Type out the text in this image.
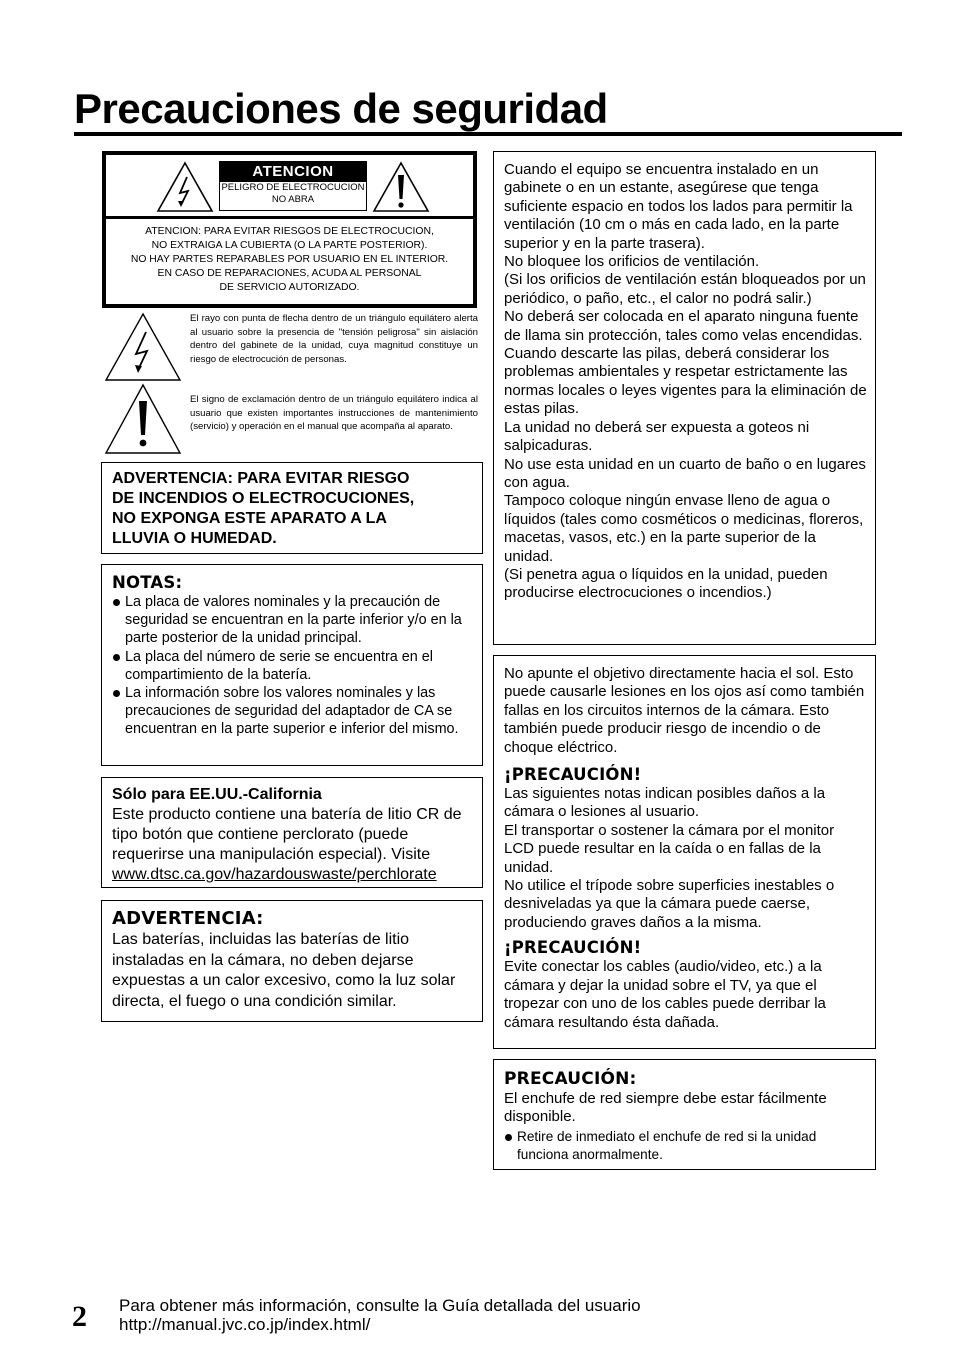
Precauciones de seguridad
ATENCION
PELIGRO DE ELECTROCUCION
NO ABRA
ATENCION: PARA EVITAR RIESGOS DE ELECTROCUCION,
NO EXTRAIGA LA CUBIERTA (O LA PARTE POSTERIOR).
NO HAY PARTES REPARABLES POR USUARIO EN EL INTERIOR.
EN CASO DE REPARACIONES, ACUDA AL PERSONAL
DE SERVICIO AUTORIZADO.
El rayo con punta de flecha dentro de un triángulo equilátero alerta al usuario sobre la presencia de "tensión peligrosa" sin aislación dentro del gabinete de la unidad, cuya magnitud constituye un riesgo de electrocución de personas.
El signo de exclamación dentro de un triángulo equilátero indica al usuario que existen importantes instrucciones de mantenimiento (servicio) y operación en el manual que acompaña al aparato.
ADVERTENCIA: PARA EVITAR RIESGO
DE INCENDIOS O ELECTROCUCIONES,
NO EXPONGA ESTE APARATO A LA
LLUVIA O HUMEDAD.
NOTAS:
La placa de valores nominales y la precaución de seguridad se encuentran en la parte inferior y/o en la parte posterior de la unidad principal.
La placa del número de serie se encuentra en el compartimiento de la batería.
La información sobre los valores nominales y las precauciones de seguridad del adaptador de CA se encuentran en la parte superior e inferior del mismo.
Sólo para EE.UU.-California
Este producto contiene una batería de litio CR de tipo botón que contiene perclorato (puede requerirse una manipulación especial). Visite www.dtsc.ca.gov/hazardouswaste/perchlorate
ADVERTENCIA:
Las baterías, incluidas las baterías de litio instaladas en la cámara, no deben dejarse expuestas a un calor excesivo, como la luz solar directa, el fuego o una condición similar.
Cuando el equipo se encuentra instalado en un gabinete o en un estante, asegúrese que tenga suficiente espacio en todos los lados para permitir la ventilación (10 cm o más en cada lado, en la parte superior y en la parte trasera).
No bloquee los orificios de ventilación.
(Si los orificios de ventilación están bloqueados por un periódico, o paño, etc., el calor no podrá salir.)
No deberá ser colocada en el aparato ninguna fuente de llama sin protección, tales como velas encendidas.
Cuando descarte las pilas, deberá considerar los problemas ambientales y respetar estrictamente las normas locales o leyes vigentes para la eliminación de estas pilas.
La unidad no deberá ser expuesta a goteos ni salpicaduras.
No use esta unidad en un cuarto de baño o en lugares con agua.
Tampoco coloque ningún envase lleno de agua o líquidos (tales como cosméticos o medicinas, floreros, macetas, vasos, etc.) en la parte superior de la unidad.
(Si penetra agua o líquidos en la unidad, pueden producirse electrocuciones o incendios.)
No apunte el objetivo directamente hacia el sol. Esto puede causarle lesiones en los ojos así como también fallas en los circuitos internos de la cámara. Esto también puede producir riesgo de incendio o de choque eléctrico.
¡PRECAUCIÓN!
Las siguientes notas indican posibles daños a la cámara o lesiones al usuario.
El transportar o sostener la cámara por el monitor LCD puede resultar en la caída o en fallas de la unidad.
No utilice el trípode sobre superficies inestables o desniveladas ya que la cámara puede caerse, produciendo graves daños a la misma.
¡PRECAUCIÓN!
Evite conectar los cables (audio/video, etc.) a la cámara y dejar la unidad sobre el TV, ya que el tropezar con uno de los cables puede derribar la cámara resultando ésta dañada.
PRECAUCIÓN:
El enchufe de red siempre debe estar fácilmente disponible.
Retire de inmediato el enchufe de red si la unidad funciona anormalmente.
2 Para obtener más información, consulte la Guía detallada del usuario
http://manual.jvc.co.jp/index.html/
